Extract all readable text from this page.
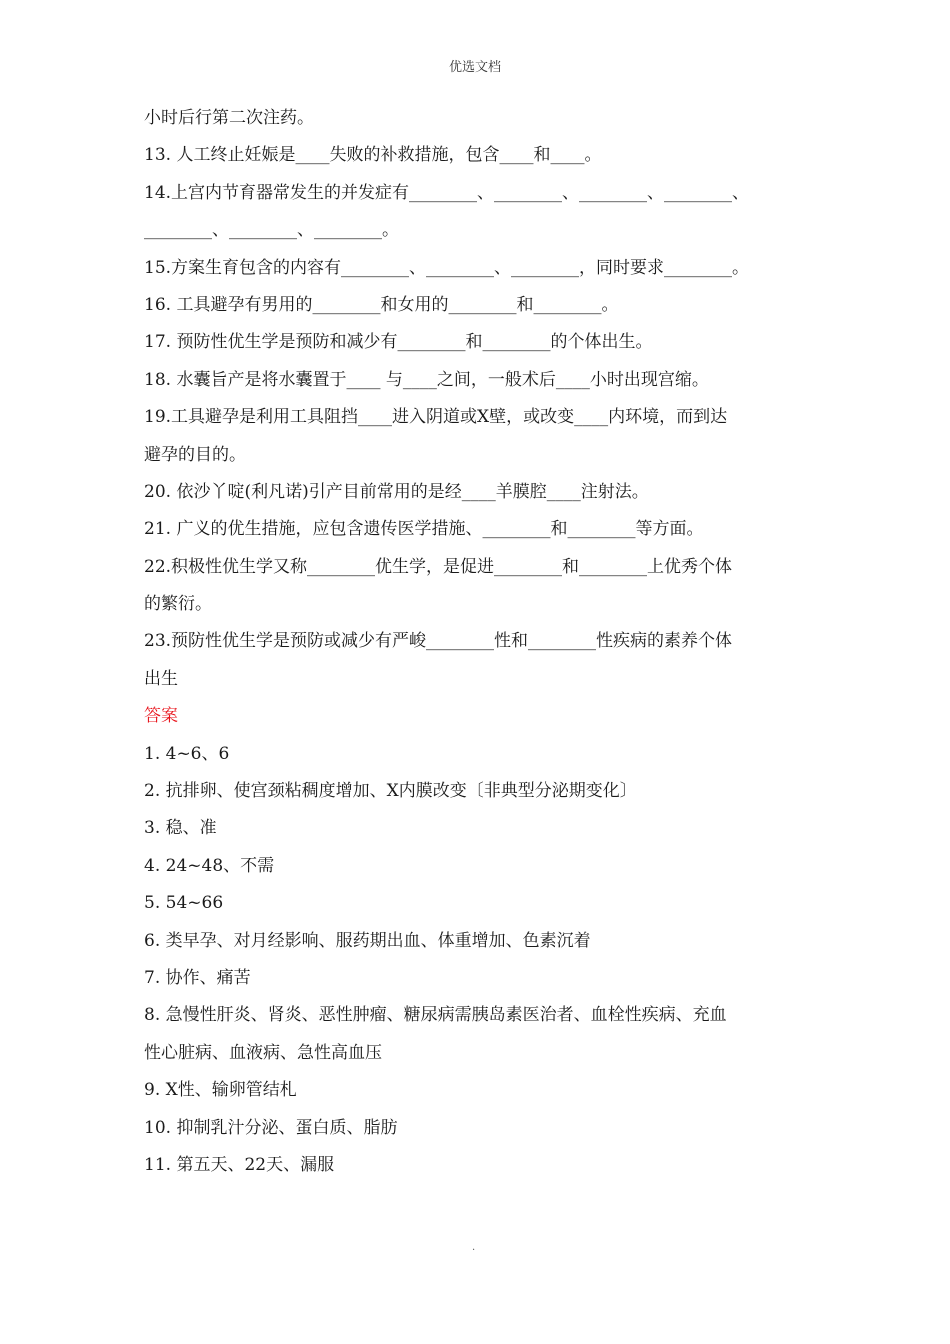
优选文档
小时后行第二次注药。
13. 人工终止妊娠是____失败的补救措施，包含____和____。
14.上宫内节育器常发生的并发症有________、________、________、________、
________、________、________。
15.方案生育包含的内容有________、________、________，同时要求________。
16. 工具避孕有男用的________和女用的________和________。
17. 预防性优生学是预防和减少有________和________的个体出生。
18. 水囊旨产是将水囊置于____ 与____之间，一般术后____小时出现宫缩。
19.工具避孕是利用工具阻挡____进入阴道或X壁，或改变____内环境，而到达
避孕的目的。
20. 依沙丫啶(利凡诺)引产目前常用的是经____羊膜腔____注射法。
21. 广义的优生措施，应包含遗传医学措施、________和________等方面。
22.积极性优生学又称________优生学，是促进________和________上优秀个体
的繁衍。
23.预防性优生学是预防或减少有严峻________性和________性疾病的素养个体
出生
答案
1. 4~6、6
2. 抗排卵、使宫颈粘稠度增加、X内膜改变〔非典型分泌期变化〕
3. 稳、准
4. 24~48、不需
5. 54~66
6. 类早孕、对月经影响、服药期出血、体重增加、色素沉着
7. 协作、痛苦
8. 急慢性肝炎、肾炎、恶性肿瘤、糖尿病需胰岛素医治者、血栓性疾病、充血
性心脏病、血液病、急性高血压
9. X性、输卵管结札
10. 抑制乳汁分泌、蛋白质、脂肪
11. 第五天、22天、漏服
.
